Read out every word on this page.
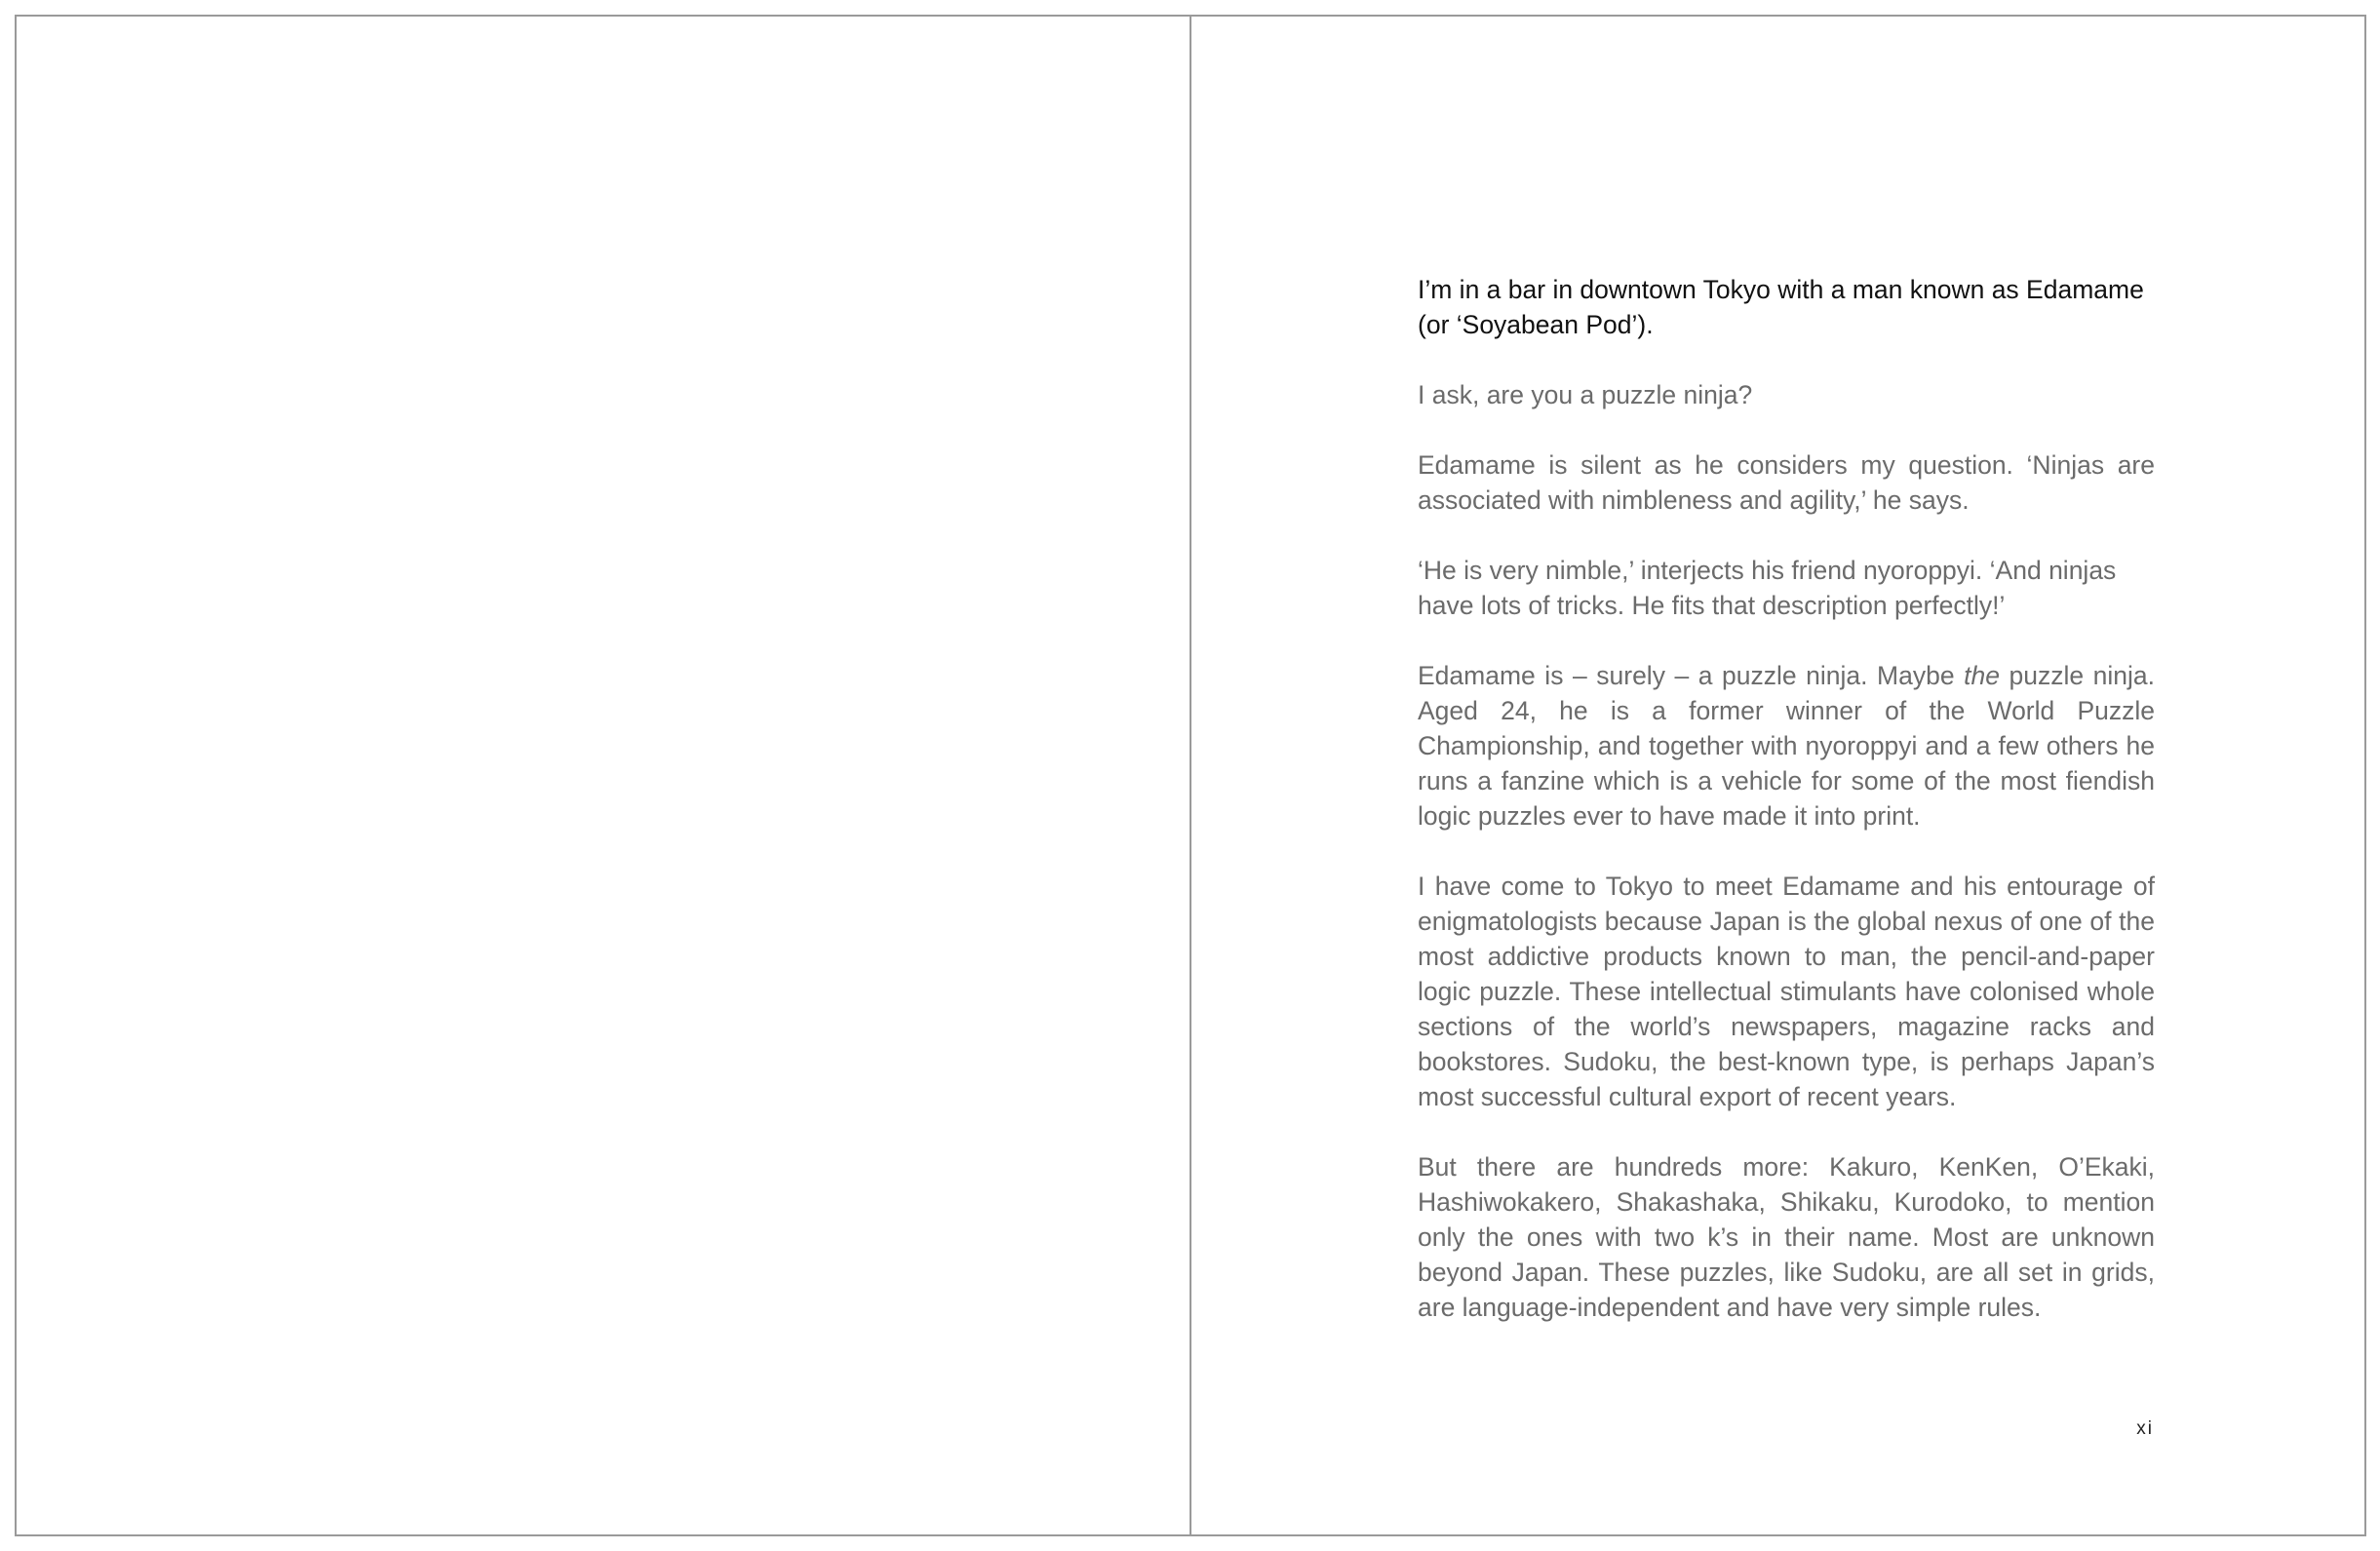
I’m in a bar in downtown Tokyo with a man known as Edamame (or ‘Soyabean Pod’).

I ask, are you a puzzle ninja?

Edamame is silent as he considers my question. ‘Ninjas are associated with nimbleness and agility,’ he says.

‘He is very nimble,’ interjects his friend nyoroppyi. ‘And ninjas have lots of tricks. He fits that description perfectly!’

Edamame is – surely – a puzzle ninja. Maybe the puzzle ninja. Aged 24, he is a former winner of the World Puzzle Championship, and together with nyoroppyi and a few others he runs a fanzine which is a vehicle for some of the most fiendish logic puzzles ever to have made it into print.

I have come to Tokyo to meet Edamame and his entourage of enigmatologists because Japan is the global nexus of one of the most addictive products known to man, the pencil-and-paper logic puzzle. These intellectual stimulants have colonised whole sections of the world’s newspapers, magazine racks and bookstores. Sudoku, the best-known type, is perhaps Japan’s most successful cultural export of recent years.

But there are hundreds more: Kakuro, KenKen, O’Ekaki, Hashiwokakero, Shakashaka, Shikaku, Kurodoko, to mention only the ones with two k’s in their name. Most are unknown beyond Japan. These puzzles, like Sudoku, are all set in grids, are language-independent and have very simple rules.

xi
